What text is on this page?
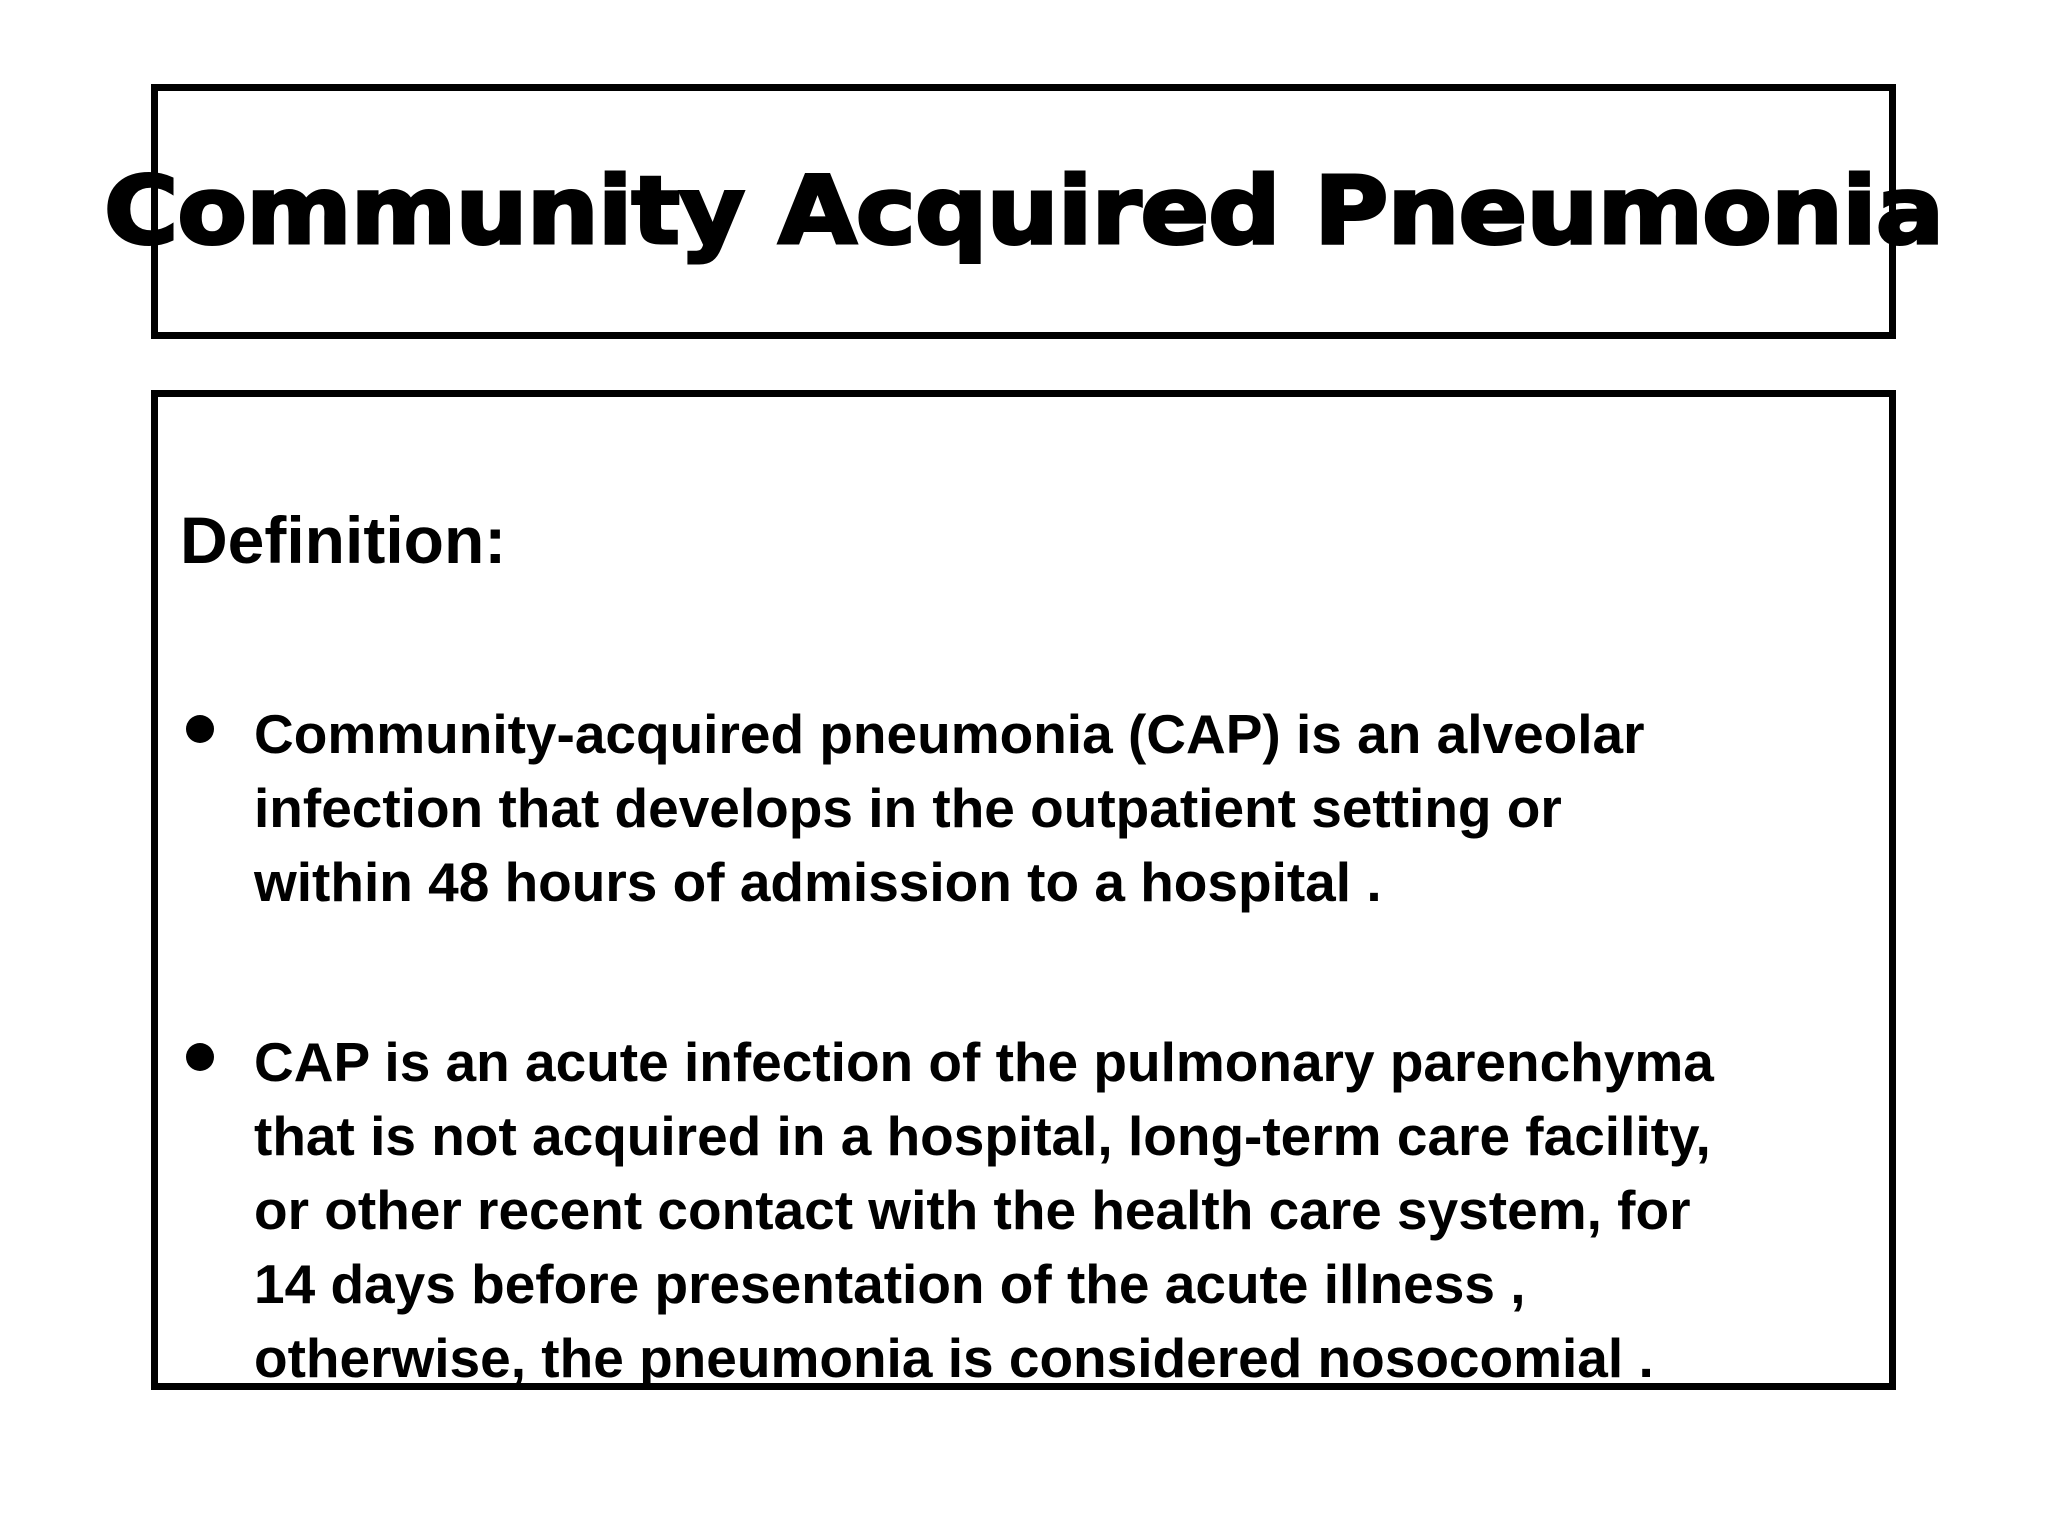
Community Acquired Pneumonia
Definition:

Community-acquired pneumonia (CAP) is an alveolar
infection that develops in the outpatient setting or
within 48 hours of admission to a hospital .

CAP is an acute infection of the pulmonary parenchyma
that is not acquired in a hospital, long-term care facility,
or other recent contact with the health care system, for
14 days before presentation of the acute illness ,
otherwise, the pneumonia is considered nosocomial .
